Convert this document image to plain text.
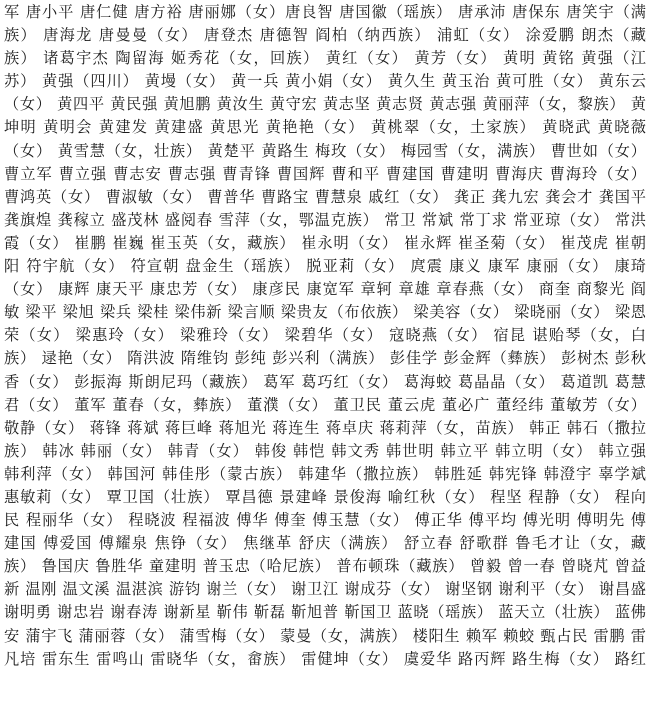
军 唐小平 唐仁健 唐方裕 唐丽娜（女）唐良智 唐国徽（瑶族） 唐承沛 唐保东 唐笑宇（满
族） 唐海龙 唐曼曼（女） 唐登杰 唐德智 阎柏（纳西族） 浦虹（女） 涂爱鹏 朗杰（藏
族） 诸葛宇杰 陶留海 姬秀花（女，回族） 黄红（女） 黄芳（女） 黄明 黄铭 黄强（江
苏） 黄强（四川） 黄墁（女） 黄一兵 黄小娟（女） 黄久生 黄玉治 黄可胜（女） 黄东云
（女） 黄四平 黄民强 黄旭鹏 黄汝生 黄守宏 黄志坚 黄志贤 黄志强 黄丽萍（女，黎族） 黄
坤明 黄明会 黄建发 黄建盛 黄思光 黄艳艳（女） 黄桃翠（女，土家族） 黄晓武 黄晓薇
（女） 黄雪慧（女，壮族） 黄楚平 黄路生 梅玫（女） 梅园雪（女，满族） 曹世如（女）
曹立军 曹立强 曹志安 曹志强 曹青锋 曹国辉 曹和平 曹建国 曹建明 曹海庆 曹海玲（女）
曹鸿英（女） 曹淑敏（女） 曹普华 曹路宝 曹慧泉 戚红（女） 龚正 龚九宏 龚会才 龚国平
龚旗煌 龚稼立 盛茂林 盛阅春 雪萍（女，鄂温克族） 常卫 常斌 常丁求 常亚琼（女） 常洪
霞（女） 崔鹏 崔巍 崔玉英（女，藏族） 崔永明（女） 崔永辉 崔圣菊（女） 崔茂虎 崔朝
阳 符宇航（女） 符宣朝 盘金生（瑶族） 脱亚莉（女） 庹震 康义 康军 康丽（女） 康琦
（女） 康辉 康天平 康忠芳（女） 康彦民 康宽军 章轲 章雄 章春燕（女） 商奎 商黎光 阎
敏 梁平 梁旭 梁兵 梁桂 梁伟新 梁言顺 梁贵友（布依族） 梁美容（女） 梁晓丽（女） 梁恩
荣（女） 梁惠玲（女） 梁雅玲（女） 梁碧华（女） 寇晓燕（女） 宿昆 谌贻琴（女，白
族） 逯艳（女） 隋洪波 隋维钧 彭纯 彭兴利（满族） 彭佳学 彭金辉（彝族） 彭树杰 彭秋
香（女） 彭振海 斯朗尼玛（藏族） 葛军 葛巧红（女） 葛海蛟 葛晶晶（女） 葛道凯 葛慧
君（女） 董军 董春（女，彝族） 董濮（女） 董卫民 董云虎 董必广 董经纬 董敏芳（女）
敬静（女） 蒋锋 蒋斌 蒋巨峰 蒋旭光 蒋连生 蒋卓庆 蒋莉萍（女，苗族） 韩正 韩石（撒拉
族） 韩冰 韩丽（女） 韩青（女） 韩俊 韩恺 韩文秀 韩世明 韩立平 韩立明（女） 韩立强
韩利萍（女） 韩国河 韩佳彤（蒙古族） 韩建华（撒拉族） 韩胜延 韩宪锋 韩澄宇 辜学斌
惠敏莉（女） 覃卫国（壮族） 覃昌德 景建峰 景俊海 喻红秋（女） 程坚 程静（女） 程向
民 程丽华（女） 程晓波 程福波 傅华 傅奎 傅玉慧（女） 傅正华 傅平均 傅光明 傅明先 傅
建国 傅爱国 傅耀泉 焦铮（女） 焦继革 舒庆（满族） 舒立春 舒歌群 鲁毛才让（女，藏
族） 鲁国庆 鲁胜华 童建明 普玉忠（哈尼族） 普布顿珠（藏族） 曾毅 曾一春 曾晓芃 曾益
新 温刚 温文溪 温湛滨 游钧 谢兰（女） 谢卫江 谢成芬（女） 谢坚钢 谢利平（女） 谢昌盛
谢明勇 谢忠岩 谢春涛 谢新星 靳伟 靳磊 靳旭普 靳国卫 蓝晓（瑶族） 蓝天立（壮族） 蓝佛
安 蒲宇飞 蒲丽蓉（女） 蒲雪梅（女） 蒙曼（女，满族） 楼阳生 赖军 赖蛟 甄占民 雷鹏 雷
凡培 雷东生 雷鸣山 雷晓华（女，畲族） 雷健坤（女） 虞爱华 路丙辉 路生梅（女） 路红
